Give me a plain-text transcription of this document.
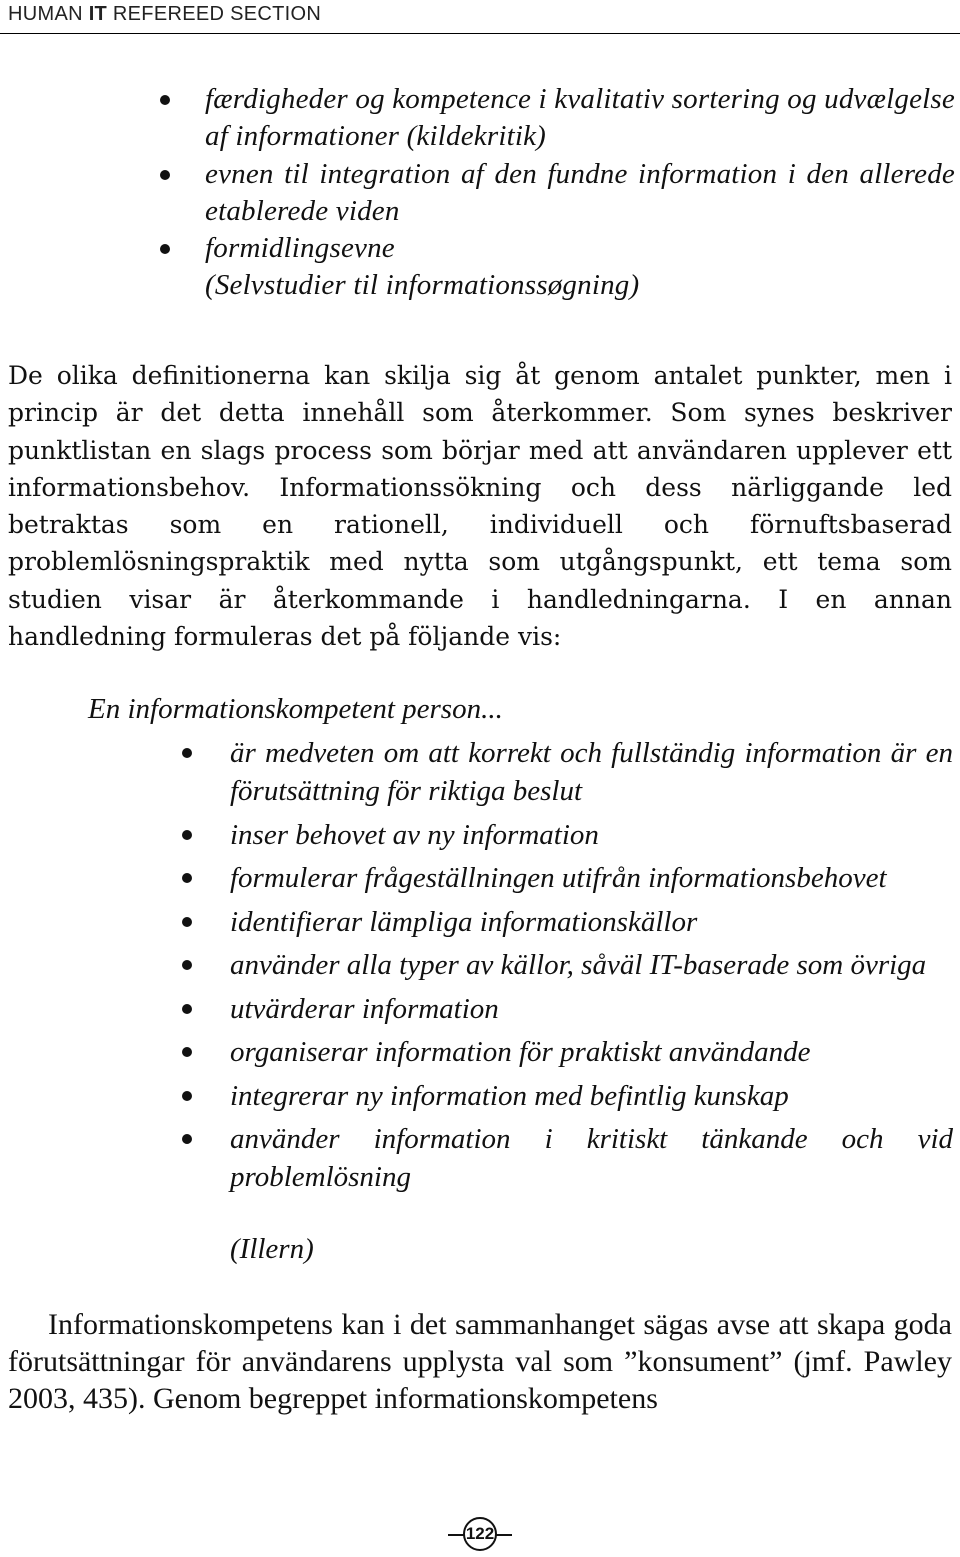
HUMAN IT REFEREED SECTION
færdigheder og kompetence i kvalitativ sortering og udvælgelse af informationer (kildekritik)
evnen til integration af den fundne information i den allerede etablerede viden
formidlingsevne
(Selvstudier til informationssøgning)
De olika definitionerna kan skilja sig åt genom antalet punkter, men i princip är det detta innehåll som återkommer. Som synes beskriver punktlistan en slags process som börjar med att användaren upplever ett informationsbehov. Informationssökning och dess närliggande led betraktas som en rationell, individuell och förnuftsbaserad problemlösningspraktik med nytta som utgångspunkt, ett tema som studien visar är återkommande i handledningarna. I en annan handledning formuleras det på följande vis:
En informationskompetent person...
är medveten om att korrekt och fullständig information är en förutsättning för riktiga beslut
inser behovet av ny information
formulerar frågeställningen utifrån informationsbehovet
identifierar lämpliga informationskällor
använder alla typer av källor, såväl IT-baserade som övriga
utvärderar information
organiserar information för praktiskt användande
integrerar ny information med befintlig kunskap
använder information i kritiskt tänkande och vid problemlösning
(Illern)
Informationskompetens kan i det sammanhanget sägas avse att skapa goda förutsättningar för användarens upplysta val som ”konsument” (jmf. Pawley 2003, 435). Genom begreppet informationskompetens
122
